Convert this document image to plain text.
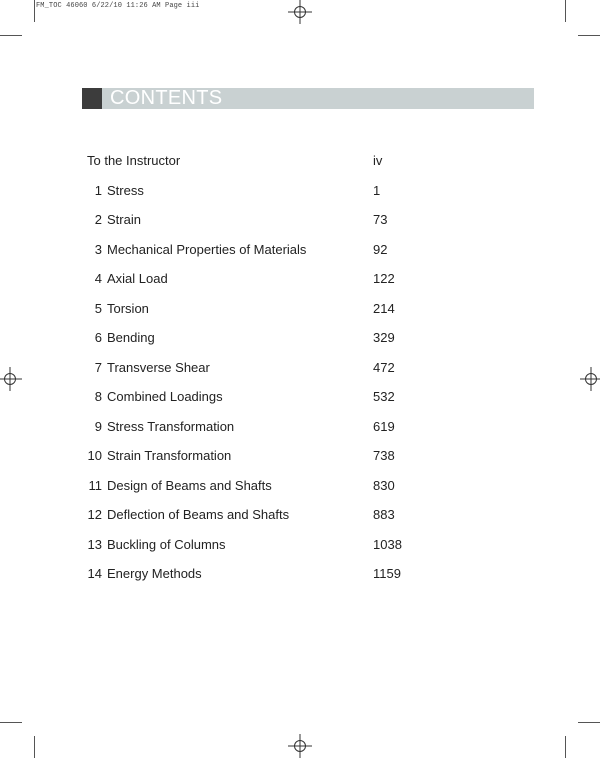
FM_TOC 46060 6/22/10 11:26 AM Page iii
CONTENTS
To the Instructor	iv
1 Stress	1
2 Strain	73
3 Mechanical Properties of Materials	92
4 Axial Load	122
5 Torsion	214
6 Bending	329
7 Transverse Shear	472
8 Combined Loadings	532
9 Stress Transformation	619
10 Strain Transformation	738
11 Design of Beams and Shafts	830
12 Deflection of Beams and Shafts	883
13 Buckling of Columns	1038
14 Energy Methods	1159
